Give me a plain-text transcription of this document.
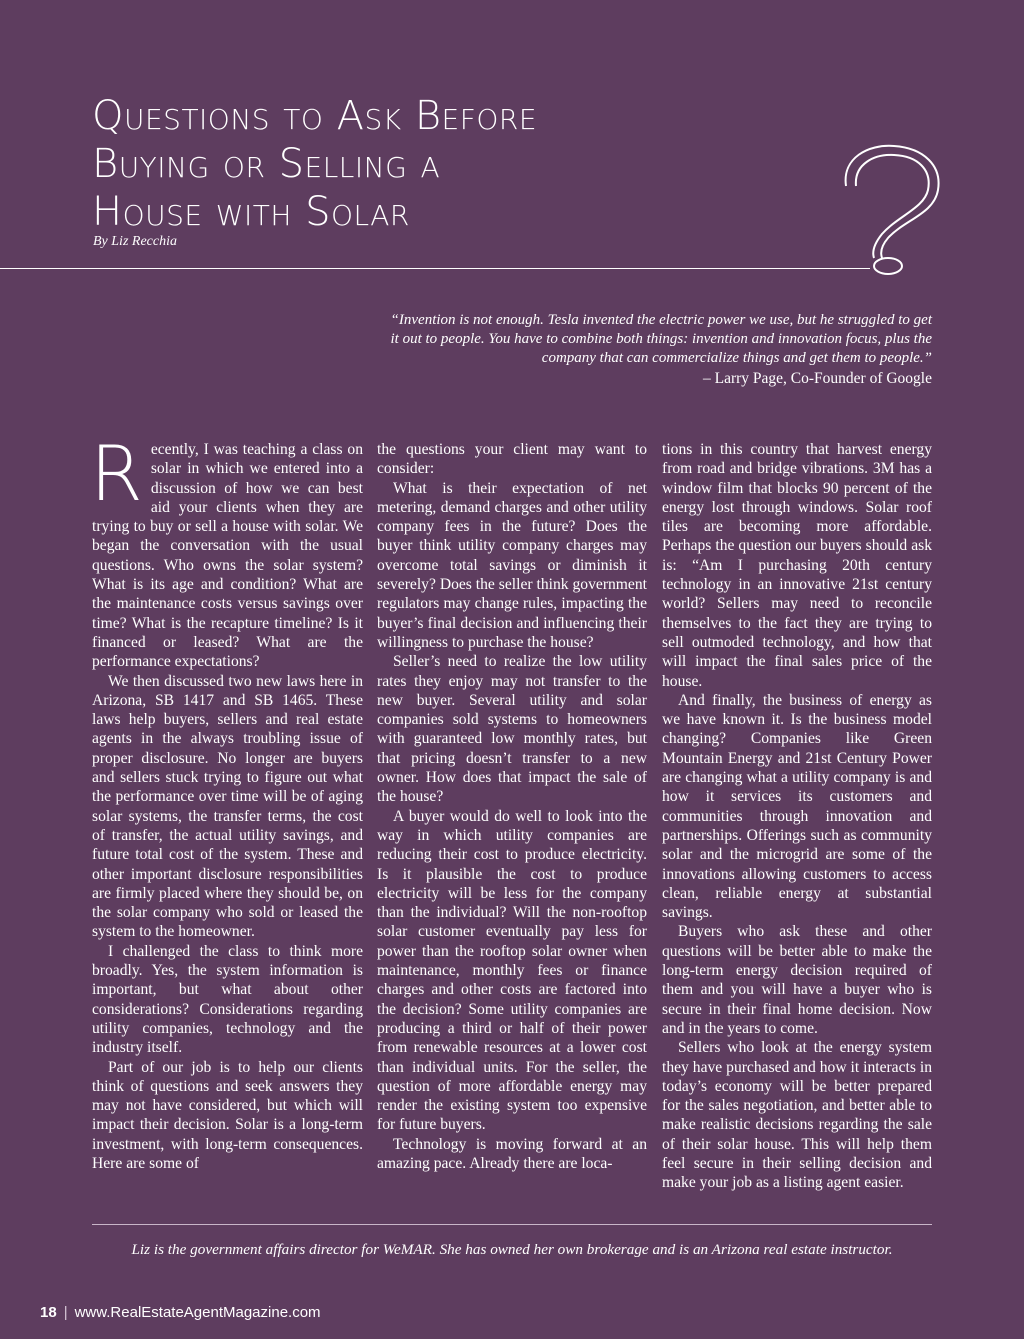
Questions to Ask Before
Buying or Selling a
House with Solar
By Liz Recchia
“Invention is not enough. Tesla invented the electric power we use, but he struggled to get it out to people. You have to combine both things: invention and innovation focus, plus the company that can commercialize things and get them to people.”
– Larry Page, Co-Founder of Google

Recently, I was teaching a class on solar in which we entered into a discussion of how we can best aid your clients when they are trying to buy or sell a house with solar. We began the conversation with the usual questions. Who owns the solar system? What is its age and condition? What are the maintenance costs versus savings over time? What is the recapture timeline? Is it financed or leased? What are the performance expectations?

We then discussed two new laws here in Arizona, SB 1417 and SB 1465. These laws help buyers, sellers and real estate agents in the always troubling issue of proper disclosure. No longer are buyers and sellers stuck trying to figure out what the performance over time will be of aging solar systems, the transfer terms, the cost of transfer, the actual utility savings, and future total cost of the system. These and other important disclosure responsibilities are firmly placed where they should be, on the solar company who sold or leased the system to the homeowner.

I challenged the class to think more broadly. Yes, the system information is important, but what about other considerations? Considerations regarding utility companies, technology and the industry itself.

Part of our job is to help our clients think of questions and seek answers they may not have considered, but which will impact their decision. Solar is a long-term investment, with long-term consequences. Here are some of

the questions your client may want to consider:

What is their expectation of net metering, demand charges and other utility company fees in the future? Does the buyer think utility company charges may overcome total savings or diminish it severely? Does the seller think government regulators may change rules, impacting the buyer’s final decision and influencing their willingness to purchase the house?

Seller’s need to realize the low utility rates they enjoy may not transfer to the new buyer. Several utility and solar companies sold systems to homeowners with guaranteed low monthly rates, but that pricing doesn’t transfer to a new owner. How does that impact the sale of the house?

A buyer would do well to look into the way in which utility companies are reducing their cost to produce electricity. Is it plausible the cost to produce electricity will be less for the company than the individual? Will the non-rooftop solar customer eventually pay less for power than the rooftop solar owner when maintenance, monthly fees or finance charges and other costs are factored into the decision? Some utility companies are producing a third or half of their power from renewable resources at a lower cost than individual units. For the seller, the question of more affordable energy may render the existing system too expensive for future buyers.

Technology is moving forward at an amazing pace. Already there are loca-

tions in this country that harvest energy from road and bridge vibrations. 3M has a window film that blocks 90 percent of the energy lost through windows. Solar roof tiles are becoming more affordable. Perhaps the question our buyers should ask is: “Am I purchasing 20th century technology in an innovative 21st century world? Sellers may need to reconcile themselves to the fact they are trying to sell outmoded technology, and how that will impact the final sales price of the house.

And finally, the business of energy as we have known it. Is the business model changing? Companies like Green Mountain Energy and 21st Century Power are changing what a utility company is and how it services its customers and communities through innovation and partnerships. Offerings such as community solar and the microgrid are some of the innovations allowing customers to access clean, reliable energy at substantial savings.

Buyers who ask these and other questions will be better able to make the long-term energy decision required of them and you will have a buyer who is secure in their final home decision. Now and in the years to come.

Sellers who look at the energy system they have purchased and how it interacts in today’s economy will be better prepared for the sales negotiation, and better able to make realistic decisions regarding the sale of their solar house. This will help them feel secure in their selling decision and make your job as a listing agent easier.

Liz is the government affairs director for WeMAR. She has owned her own brokerage and is an Arizona real estate instructor.
18 | www.RealEstateAgentMagazine.com
